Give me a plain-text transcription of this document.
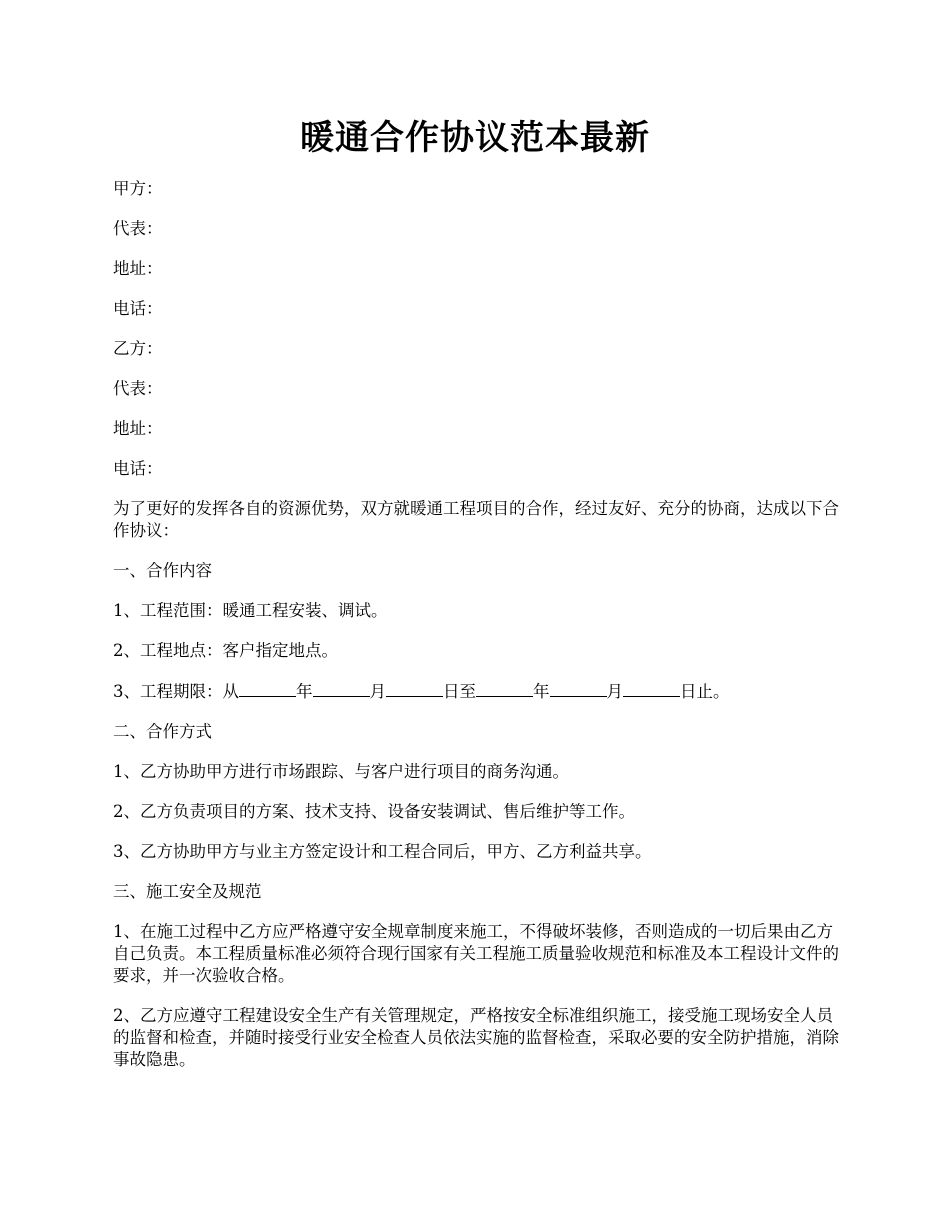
暖通合作协议范本最新

甲方：

代表：

地址：

电话：

乙方：

代表：

地址：

电话：

为了更好的发挥各自的资源优势，双方就暖通工程项目的合作，经过友好、充分的协商，达成以下合作协议：

一、合作内容

1、工程范围：暖通工程安装、调试。

2、工程地点：客户指定地点。

3、工程期限：从	年	月	日至	年	月	日止。

二、合作方式

1、乙方协助甲方进行市场跟踪、与客户进行项目的商务沟通。

2、乙方负责项目的方案、技术支持、设备安装调试、售后维护等工作。

3、乙方协助甲方与业主方签定设计和工程合同后，甲方、乙方利益共享。

三、施工安全及规范

1、在施工过程中乙方应严格遵守安全规章制度来施工，不得破坏装修，否则造成的一切后果由乙方自己负责。本工程质量标准必须符合现行国家有关工程施工质量验收规范和标准及本工程设计文件的要求，并一次验收合格。

2、乙方应遵守工程建设安全生产有关管理规定，严格按安全标准组织施工，接受施工现场安全人员的监督和检查，并随时接受行业安全检查人员依法实施的监督检查，采取必要的安全防护措施，消除事故隐患。
